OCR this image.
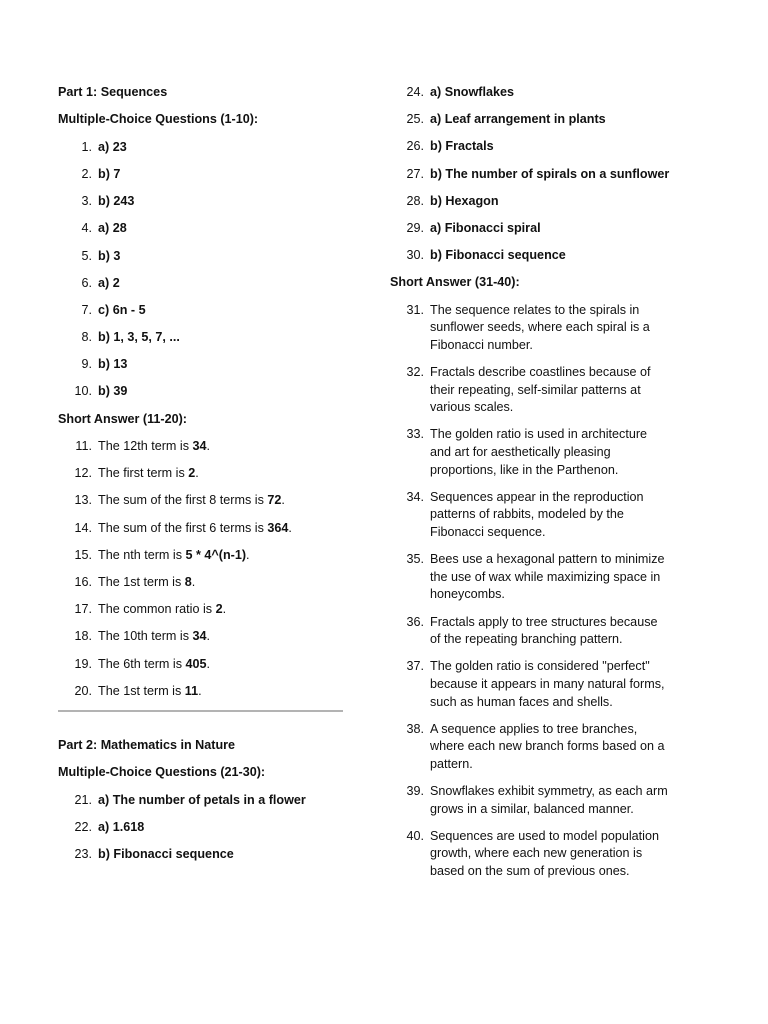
Part 1: Sequences
Multiple-Choice Questions (1-10):
1. a) 23
2. b) 7
3. b) 243
4. a) 28
5. b) 3
6. a) 2
7. c) 6n - 5
8. b) 1, 3, 5, 7, ...
9. b) 13
10. b) 39
Short Answer (11-20):
11. The 12th term is 34.
12. The first term is 2.
13. The sum of the first 8 terms is 72.
14. The sum of the first 6 terms is 364.
15. The nth term is 5 * 4^(n-1).
16. The 1st term is 8.
17. The common ratio is 2.
18. The 10th term is 34.
19. The 6th term is 405.
20. The 1st term is 11.
Part 2: Mathematics in Nature
Multiple-Choice Questions (21-30):
21. a) The number of petals in a flower
22. a) 1.618
23. b) Fibonacci sequence
24. a) Snowflakes
25. a) Leaf arrangement in plants
26. b) Fractals
27. b) The number of spirals on a sunflower
28. b) Hexagon
29. a) Fibonacci spiral
30. b) Fibonacci sequence
Short Answer (31-40):
31. The sequence relates to the spirals in sunflower seeds, where each spiral is a Fibonacci number.
32. Fractals describe coastlines because of their repeating, self-similar patterns at various scales.
33. The golden ratio is used in architecture and art for aesthetically pleasing proportions, like in the Parthenon.
34. Sequences appear in the reproduction patterns of rabbits, modeled by the Fibonacci sequence.
35. Bees use a hexagonal pattern to minimize the use of wax while maximizing space in honeycombs.
36. Fractals apply to tree structures because of the repeating branching pattern.
37. The golden ratio is considered "perfect" because it appears in many natural forms, such as human faces and shells.
38. A sequence applies to tree branches, where each new branch forms based on a pattern.
39. Snowflakes exhibit symmetry, as each arm grows in a similar, balanced manner.
40. Sequences are used to model population growth, where each new generation is based on the sum of previous ones.
